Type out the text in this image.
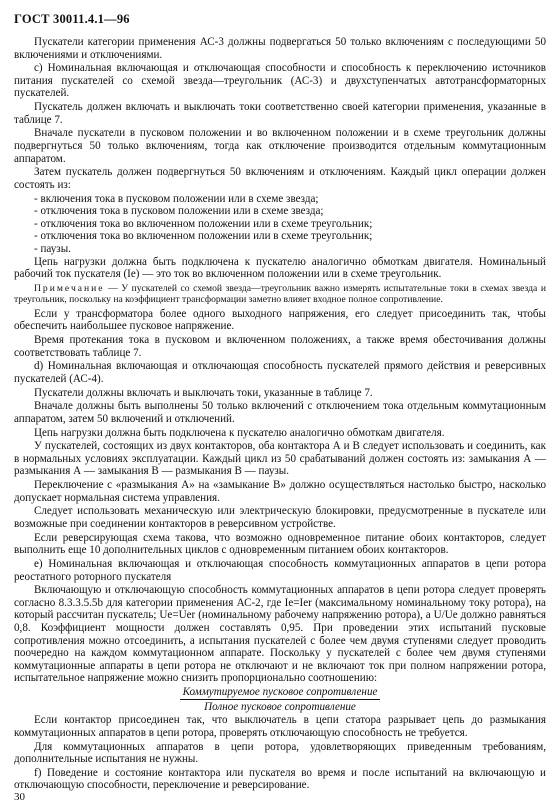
ГОСТ 30011.4.1—96

Пускатели категории применения АС-3 должны подвергаться 50 только включениям с последующими 50 включениями и отключениями.

c) Номинальная включающая и отключающая способности и способность к переключению источников питания пускателей со схемой звезда—треугольник (АС-3) и двухступенчатых автотрансформаторных пускателей.

Пускатель должен включать и выключать токи соответственно своей категории применения, указанные в таблице 7.

Вначале пускатели в пусковом положении и во включенном положении и в схеме треугольник должны подвергнуться 50 только включениям, тогда как отключение производится отдельным коммутационным аппаратом.

Затем пускатель должен подвергнуться 50 включениям и отключениям. Каждый цикл операции должен состоять из:

- включения тока в пусковом положении или в схеме звезда;
- отключения тока в пусковом положении или в схеме звезда;
- отключения тока во включенном положении или в схеме треугольник;
- отключения тока во включенном положении или в схеме треугольник;
- паузы.

Цепь нагрузки должна быть подключена к пускателю аналогично обмоткам двигателя. Номинальный рабочий ток пускателя (Ie) — это ток во включенном положении или в схеме треугольник.

Примечание — У пускателей со схемой звезда—треугольник важно измерять испытательные токи в схемах звезда и треугольник, поскольку на коэффициент трансформации заметно влияет входное полное сопротивление.

Если у трансформатора более одного выходного напряжения, его следует присоединить так, чтобы обеспечить наибольшее пусковое напряжение.

Время протекания тока в пусковом и включенном положениях, а также время обесточивания должны соответствовать таблице 7.

d) Номинальная включающая и отключающая способность пускателей прямого действия и реверсивных пускателей (АС-4).

Пускатели должны включать и выключать токи, указанные в таблице 7.

Вначале должны быть выполнены 50 только включений с отключением тока отдельным коммутационным аппаратом, затем 50 включений и отключений.

Цепь нагрузки должна быть подключена к пускателю аналогично обмоткам двигателя.

У пускателей, состоящих из двух контакторов, оба контактора А и В следует использовать и соединить, как в нормальных условиях эксплуатации. Каждый цикл из 50 срабатываний должен состоять из: замыкания А — размыкания А — замыкания В — размыкания В — паузы.

Переключение с «размыкания А» на «замыкание В» должно осуществляться настолько быстро, насколько допускает нормальная система управления.

Следует использовать механическую или электрическую блокировки, предусмотренные в пускателе или возможные при соединении контакторов в реверсивном устройстве.

Если реверсирующая схема такова, что возможно одновременное питание обоих контакторов, следует выполнить еще 10 дополнительных циклов с одновременным питанием обоих контакторов.

e) Номинальная включающая и отключающая способность коммутационных аппаратов в цепи ротора реостатного роторного пускателя

Включающую и отключающую способность коммутационных аппаратов в цепи ротора следует проверять согласно 8.3.3.5.5b для категории применения АС-2, где Ie=Ier (максимальному номинальному току ротора), на который рассчитан пускатель; Ue=Uer (номинальному рабочему напряжению ротора), а U/Ue должно равняться 0,8. Коэффициент мощности должен составлять 0,95. При проведении этих испытаний пусковые сопротивления можно отсоединить, а испытания пускателей с более чем двумя ступенями следует проводить поочередно на каждом коммутационном аппарате. Поскольку у пускателей с более чем двумя ступенями коммутационные аппараты в цепи ротора не отключают и не включают ток при полном напряжении ротора, испытательное напряжение можно снизить пропорционально соотношению:

Коммутируемое пусковое сопротивление
Полное пусковое сопротивление

Если контактор присоединен так, что выключатель в цепи статора разрывает цепь до размыкания коммутационных аппаратов в цепи ротора, проверять отключающую способность не требуется.

Для коммутационных аппаратов в цепи ротора, удовлетворяющих приведенным требованиям, дополнительные испытания не нужны.

f) Поведение и состояние контактора или пускателя во время и после испытаний на включающую и отключающую способности, переключение и реверсирование.

30
